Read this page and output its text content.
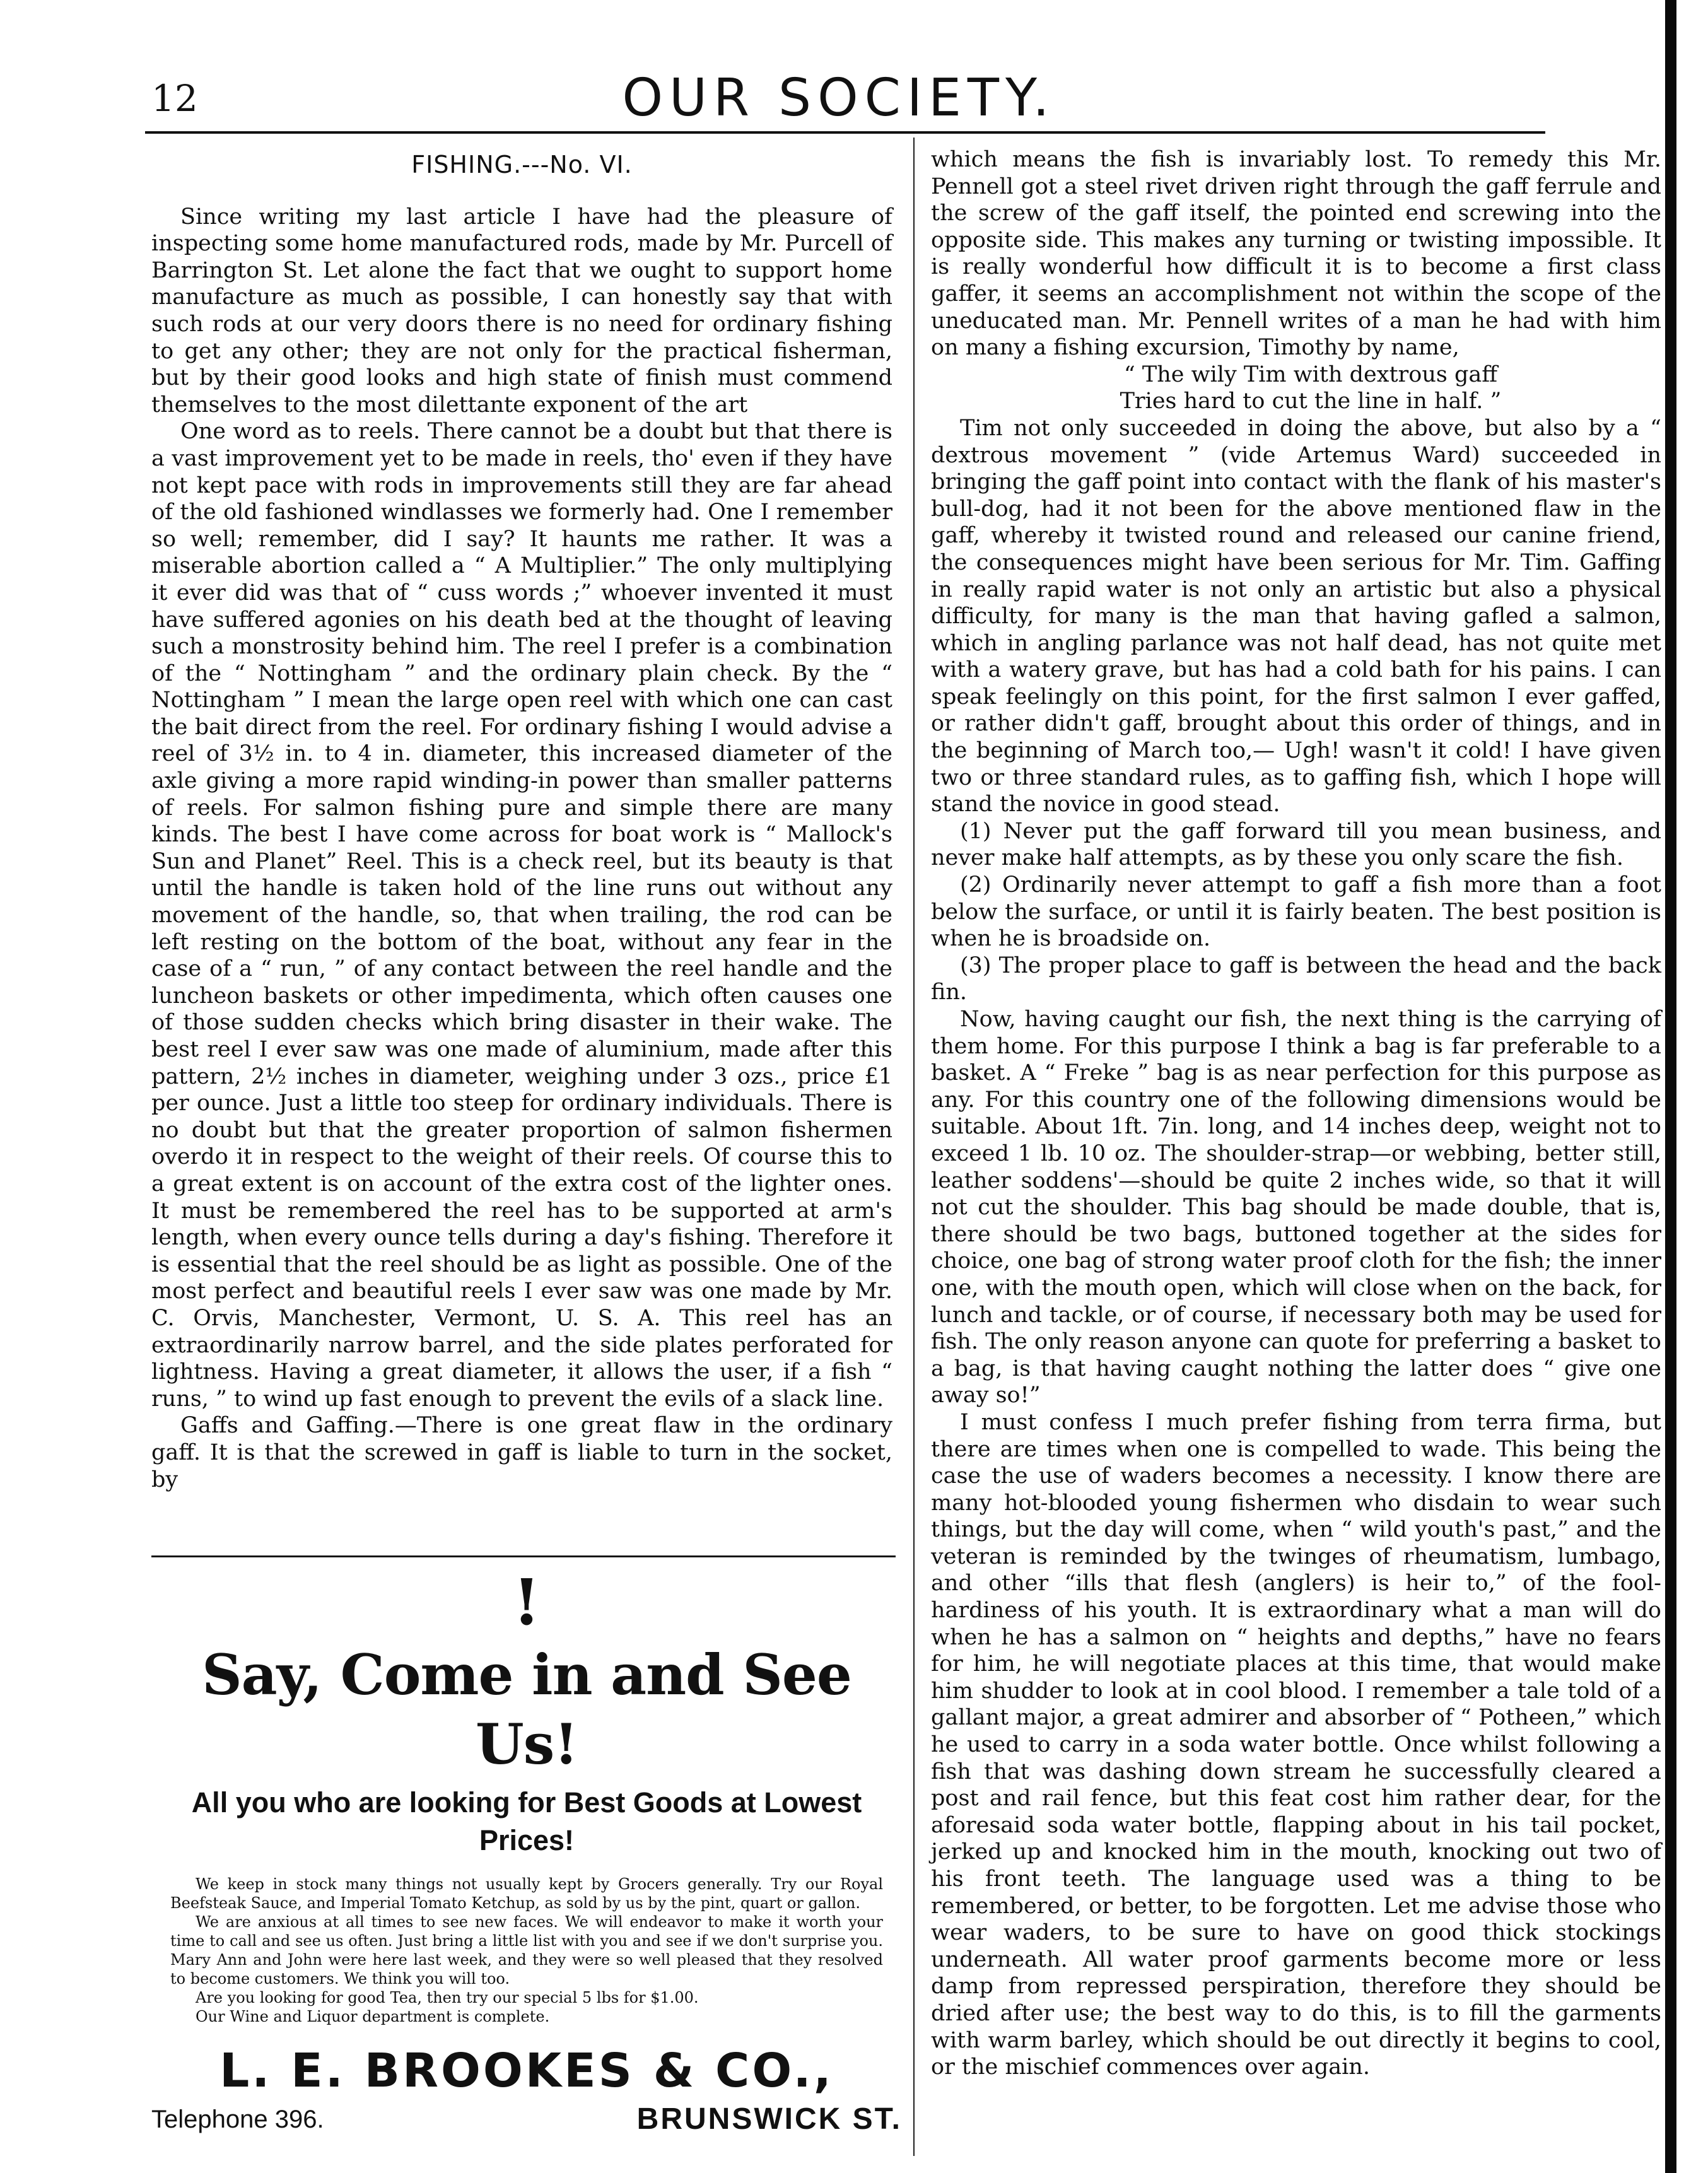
12	OUR SOCIETY.
FISHING.---No. VI.

Since writing my last article I have had the pleasure of inspecting some home manufactured rods, made by Mr. Purcell of Barrington St. Let alone the fact that we ought to support home manufacture as much as possible, I can honestly say that with such rods at our very doors there is no need for ordinary fishing to get any other; they are not only for the practical fisherman, but by their good looks and high state of finish must commend themselves to the most dilettante exponent of the art

One word as to reels. There cannot be a doubt but that there is a vast improvement yet to be made in reels, tho' even if they have not kept pace with rods in improvements still they are far ahead of the old fashioned windlasses we formerly had. One I remember so well; remember, did I say? It haunts me rather. It was a miserable abortion called a “ A Multiplier.” The only multiplying it ever did was that of “ cuss words ;” whoever invented it must have suffered agonies on his death bed at the thought of leaving such a monstrosity behind him. The reel I prefer is a combination of the “ Nottingham ” and the ordinary plain check. By the “ Nottingham ” I mean the large open reel with which one can cast the bait direct from the reel. For ordinary fishing I would advise a reel of 3½ in. to 4 in. diameter, this increased diameter of the axle giving a more rapid winding-in power than smaller patterns of reels. For salmon fishing pure and simple there are many kinds. The best I have come across for boat work is “ Mallock's Sun and Planet” Reel. This is a check reel, but its beauty is that until the handle is taken hold of the line runs out without any movement of the handle, so, that when trailing, the rod can be left resting on the bottom of the boat, without any fear in the case of a “ run, ” of any contact between the reel handle and the luncheon baskets or other impedimenta, which often causes one of those sudden checks which bring disaster in their wake. The best reel I ever saw was one made of aluminium, made after this pattern, 2½ inches in diameter, weighing under 3 ozs., price £1 per ounce. Just a little too steep for ordinary individuals. There is no doubt but that the greater proportion of salmon fishermen overdo it in respect to the weight of their reels. Of course this to a great extent is on account of the extra cost of the lighter ones. It must be remembered the reel has to be supported at arm's length, when every ounce tells during a day's fishing. Therefore it is essential that the reel should be as light as possible. One of the most perfect and beautiful reels I ever saw was one made by Mr. C. Orvis, Manchester, Vermont, U. S. A. This reel has an extraordinarily narrow barrel, and the side plates perforated for lightness. Having a great diameter, it allows the user, if a fish “ runs, ” to wind up fast enough to prevent the evils of a slack line.

Gaffs and Gaffing.—There is one great flaw in the ordinary gaff. It is that the screwed in gaff is liable to turn in the socket, by

!
Say, Come in and See Us!
All you who are looking for Best Goods at Lowest Prices!

We keep in stock many things not usually kept by Grocers generally. Try our Royal Beefsteak Sauce, and Imperial Tomato Ketchup, as sold by us by the pint, quart or gallon.

We are anxious at all times to see new faces. We will endeavor to make it worth your time to call and see us often. Just bring a little list with you and see if we don't surprise you. Mary Ann and John were here last week, and they were so well pleased that they resolved to become customers. We think you will too.

Are you looking for good Tea, then try our special 5 lbs for $1.00.

Our Wine and Liquor department is complete.

L. E. BROOKES & CO.,
Telephone 396.	BRUNSWICK ST.

which means the fish is invariably lost. To remedy this Mr. Pennell got a steel rivet driven right through the gaff ferrule and the screw of the gaff itself, the pointed end screwing into the opposite side. This makes any turning or twisting impossible. It is really wonderful how difficult it is to become a first class gaffer, it seems an accomplishment not within the scope of the uneducated man. Mr. Pennell writes of a man he had with him on many a fishing excursion, Timothy by name,

“ The wily Tim with dextrous gaff

Tries hard to cut the line in half. ”

Tim not only succeeded in doing the above, but also by a “ dextrous movement ” (vide Artemus Ward) succeeded in bringing the gaff point into contact with the flank of his master's bull-dog, had it not been for the above mentioned flaw in the gaff, whereby it twisted round and released our canine friend, the consequences might have been serious for Mr. Tim. Gaffing in really rapid water is not only an artistic but also a physical difficulty, for many is the man that having gafled a salmon, which in angling parlance was not half dead, has not quite met with a watery grave, but has had a cold bath for his pains. I can speak feelingly on this point, for the first salmon I ever gaffed, or rather didn't gaff, brought about this order of things, and in the beginning of March too,— Ugh! wasn't it cold! I have given two or three standard rules, as to gaffing fish, which I hope will stand the novice in good stead.

(1) Never put the gaff forward till you mean business, and never make half attempts, as by these you only scare the fish.

(2) Ordinarily never attempt to gaff a fish more than a foot below the surface, or until it is fairly beaten. The best position is when he is broadside on.

(3) The proper place to gaff is between the head and the back fin.

Now, having caught our fish, the next thing is the carrying of them home. For this purpose I think a bag is far preferable to a basket. A “ Freke ” bag is as near perfection for this purpose as any. For this country one of the following dimensions would be suitable. About 1ft. 7in. long, and 14 inches deep, weight not to exceed 1 lb. 10 oz. The shoulder-strap—or webbing, better still, leather soddens'—should be quite 2 inches wide, so that it will not cut the shoulder. This bag should be made double, that is, there should be two bags, buttoned together at the sides for choice, one bag of strong water proof cloth for the fish; the inner one, with the mouth open, which will close when on the back, for lunch and tackle, or of course, if necessary both may be used for fish. The only reason anyone can quote for preferring a basket to a bag, is that having caught nothing the latter does “ give one away so!”

I must confess I much prefer fishing from terra firma, but there are times when one is compelled to wade. This being the case the use of waders becomes a necessity. I know there are many hot-blooded young fishermen who disdain to wear such things, but the day will come, when “ wild youth's past,” and the veteran is reminded by the twinges of rheumatism, lumbago, and other “ills that flesh (anglers) is heir to,” of the fool-hardiness of his youth. It is extraordinary what a man will do when he has a salmon on “ heights and depths,” have no fears for him, he will negotiate places at this time, that would make him shudder to look at in cool blood. I remember a tale told of a gallant major, a great admirer and absorber of “ Potheen,” which he used to carry in a soda water bottle. Once whilst following a fish that was dashing down stream he successfully cleared a post and rail fence, but this feat cost him rather dear, for the aforesaid soda water bottle, flapping about in his tail pocket, jerked up and knocked him in the mouth, knocking out two of his front teeth. The language used was a thing to be remembered, or better, to be forgotten. Let me advise those who wear waders, to be sure to have on good thick stockings underneath. All water proof garments become more or less damp from repressed perspiration, therefore they should be dried after use; the best way to do this, is to fill the garments with warm barley, which should be out directly it begins to cool, or the mischief commences over again.
